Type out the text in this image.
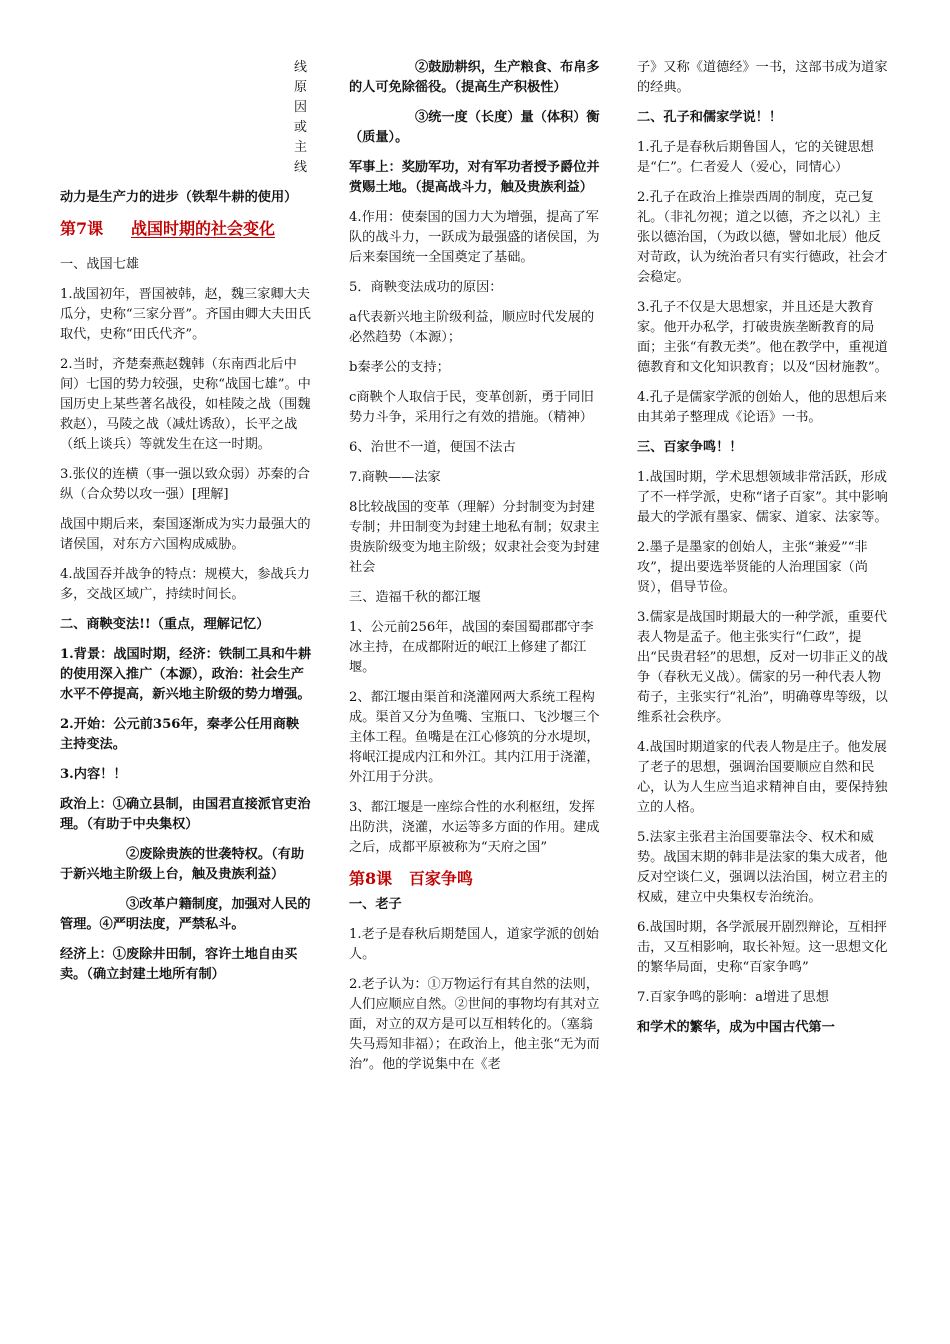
线原因或主线
动力是生产力的进步（铁犁牛耕的使用）
第7课 战国时期的社会变化
一、战国七雄
1.战国初年，晋国被韩，赵，魏三家卿大夫瓜分，史称“三家分晋”。齐国由卿大夫田氏取代，史称“田氏代齐”。
2.当时，齐楚秦燕赵魏韩（东南西北后中间）七国的势力较强，史称“战国七雄”。中国历史上某些著名战役，如桂陵之战（围魏救赵），马陵之战（减灶诱敌），长平之战（纸上谈兵）等就发生在这一时期。
3.张仪的连横（事一强以致众弱）苏秦的合纵（合众势以攻一强）[理解]
战国中期后来，秦国逐渐成为实力最强大的诸侯国，对东方六国构成威胁。
4.战国吞并战争的特点：规模大，参战兵力多，交战区域广，持续时间长。
二、商鞅变法!!（重点，理解记忆）
1.背景：战国时期，经济：铁制工具和牛耕的使用深入推广（本源），政治：社会生产水平不停提高，新兴地主阶级的势力增强。
2.开始：公元前356年，秦孝公任用商鞅主持变法。
3.内容！！
政治上：①确立县制，由国君直接派官吏治理。（有助于中央集权）
②废除贵族的世袭特权。（有助于新兴地主阶级上台，触及贵族利益）
③改革户籍制度，加强对人民的管理。④严明法度，严禁私斗。
经济上：①废除井田制，容许土地自由买卖。（确立封建土地所有制）
②鼓励耕织，生产粮食、布帛多的人可免除徭役。（提高生产积极性）
③统一度（长度）量（体积）衡（质量）。
军事上：奖励军功，对有军功者授予爵位并赏赐土地。（提高战斗力，触及贵族利益）
4.作用：使秦国的国力大为增强，提高了军队的战斗力，一跃成为最强盛的诸侯国，为后来秦国统一全国奠定了基础。
5．商鞅变法成功的原因：
a代表新兴地主阶级利益，顺应时代发展的必然趋势（本源）；
b秦孝公的支持；
c商鞅个人取信于民，变革创新，勇于同旧势力斗争，采用行之有效的措施。（精神）
6、治世不一道，便国不法古
7.商鞅——法家
8比较战国的变革（理解）分封制变为封建专制；井田制变为封建土地私有制；奴隶主贵族阶级变为地主阶级；奴隶社会变为封建社会
三、造福千秋的都江堰
1、公元前256年，战国的秦国蜀郡郡守李冰主持，在成都附近的岷江上修建了都江堰。
2、都江堰由渠首和浇灌网两大系统工程构成。渠首又分为鱼嘴、宝瓶口、飞沙堰三个主体工程。鱼嘴是在江心修筑的分水堤坝，将岷江提成内江和外江。其内江用于浇灌，外江用于分洪。
3、都江堰是一座综合性的水利枢纽，发挥出防洪，浇灌，水运等多方面的作用。建成之后，成都平原被称为“天府之国”
第8课 百家争鸣
一、老子
1.老子是春秋后期楚国人，道家学派的创始人。
2.老子认为：①万物运行有其自然的法则，人们应顺应自然。②世间的事物均有其对立面，对立的双方是可以互相转化的。（塞翁失马焉知非福）；在政治上，他主张“无为而治”。他的学说集中在《老
子》又称《道德经》一书，这部书成为道家的经典。
二、孔子和儒家学说！！
1.孔子是春秋后期鲁国人，它的关键思想是“仁”。仁者爱人（爱心，同情心）
2.孔子在政治上推崇西周的制度，克己复礼。（非礼勿视；道之以德，齐之以礼）主张以德治国，（为政以德，譬如北辰）他反对苛政，认为统治者只有实行德政，社会才会稳定。
3.孔子不仅是大思想家，并且还是大教育家。他开办私学，打破贵族垄断教育的局面；主张“有教无类”。他在教学中，重视道德教育和文化知识教育；以及“因材施教”。
4.孔子是儒家学派的创始人，他的思想后来由其弟子整理成《论语》一书。
三、百家争鸣！！
1.战国时期，学术思想领域非常活跃，形成了不一样学派，史称“诸子百家”。其中影响最大的学派有墨家、儒家、道家、法家等。
2.墨子是墨家的创始人，主张“兼爱”“非攻”，提出要选举贤能的人治理国家（尚贤），倡导节俭。
3.儒家是战国时期最大的一种学派，重要代表人物是孟子。他主张实行“仁政”，提出“民贵君轻”的思想，反对一切非正义的战争（春秋无义战）。儒家的另一种代表人物荀子，主张实行“礼治”，明确尊卑等级，以维系社会秩序。
4.战国时期道家的代表人物是庄子。他发展了老子的思想，强调治国要顺应自然和民心，认为人生应当追求精神自由，要保持独立的人格。
5.法家主张君主治国要靠法令、权术和威势。战国末期的韩非是法家的集大成者，他反对空谈仁义，强调以法治国，树立君主的权威，建立中央集权专治统治。
6.战国时期，各学派展开剧烈辩论，互相抨击，又互相影响，取长补短。这一思想文化的繁华局面，史称“百家争鸣”
7.百家争鸣的影响：a增进了思想
和学术的繁华，成为中国古代第一
